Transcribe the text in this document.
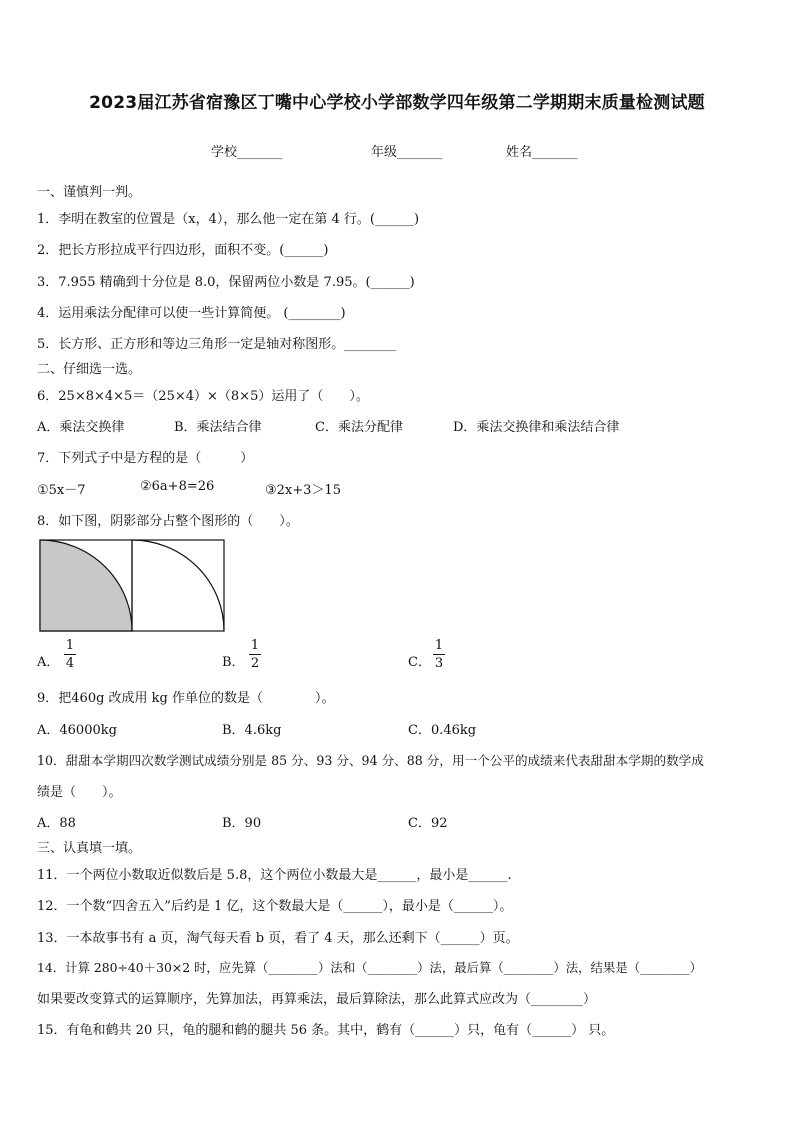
2023届江苏省宿豫区丁嘴中心学校小学部数学四年级第二学期期末质量检测试题
学校_______	年级_______	姓名_______
一、谨慎判一判。
1．李明在教室的位置是（x，4），那么他一定在第 4 行。(______)
2．把长方形拉成平行四边形，面积不变。(______)
3．7.955 精确到十分位是 8.0，保留两位小数是 7.95。(______)
4．运用乘法分配律可以使一些计算简便。 (________)
5．长方形、正方形和等边三角形一定是轴对称图形。________
二、仔细选一选。
6．25×8×4×5＝（25×4）×（8×5）运用了（　　）。
A．乘法交换律	B．乘法结合律	C．乘法分配律	D．乘法交换律和乘法结合律
7．下列式子中是方程的是（　　　）
①5x－7	②6a+8=26	③2x+3＞15
8．如下图，阴影部分占整个图形的（　　）。
A．
1
4	B．
1
2	C．
1
3
9．把460g 改成用 kg 作单位的数是（　　　　）。
A．46000kg	B．4.6kg	C．0.46kg
10．甜甜本学期四次数学测试成绩分别是 85 分、93 分、94 分、88 分，用一个公平的成绩来代表甜甜本学期的数学成
绩是（　　）。
A．88	B．90	C．92
三、认真填一填。
11．一个两位小数取近似数后是 5.8，这个两位小数最大是______，最小是______.
12．一个数“四舍五入”后约是 1 亿，这个数最大是（______），最小是（______）。
13．一本故事书有 a 页，淘气每天看 b 页，看了 4 天，那么还剩下（______）页。
14．计算 280÷40＋30×2 时，应先算（________）法和（________）法，最后算（________）法，结果是（________）
如果要改变算式的运算顺序，先算加法，再算乘法，最后算除法，那么此算式应改为（________）
15．有龟和鹤共 20 只，龟的腿和鹤的腿共 56 条。其中，鹤有（______）只，龟有（______） 只。
